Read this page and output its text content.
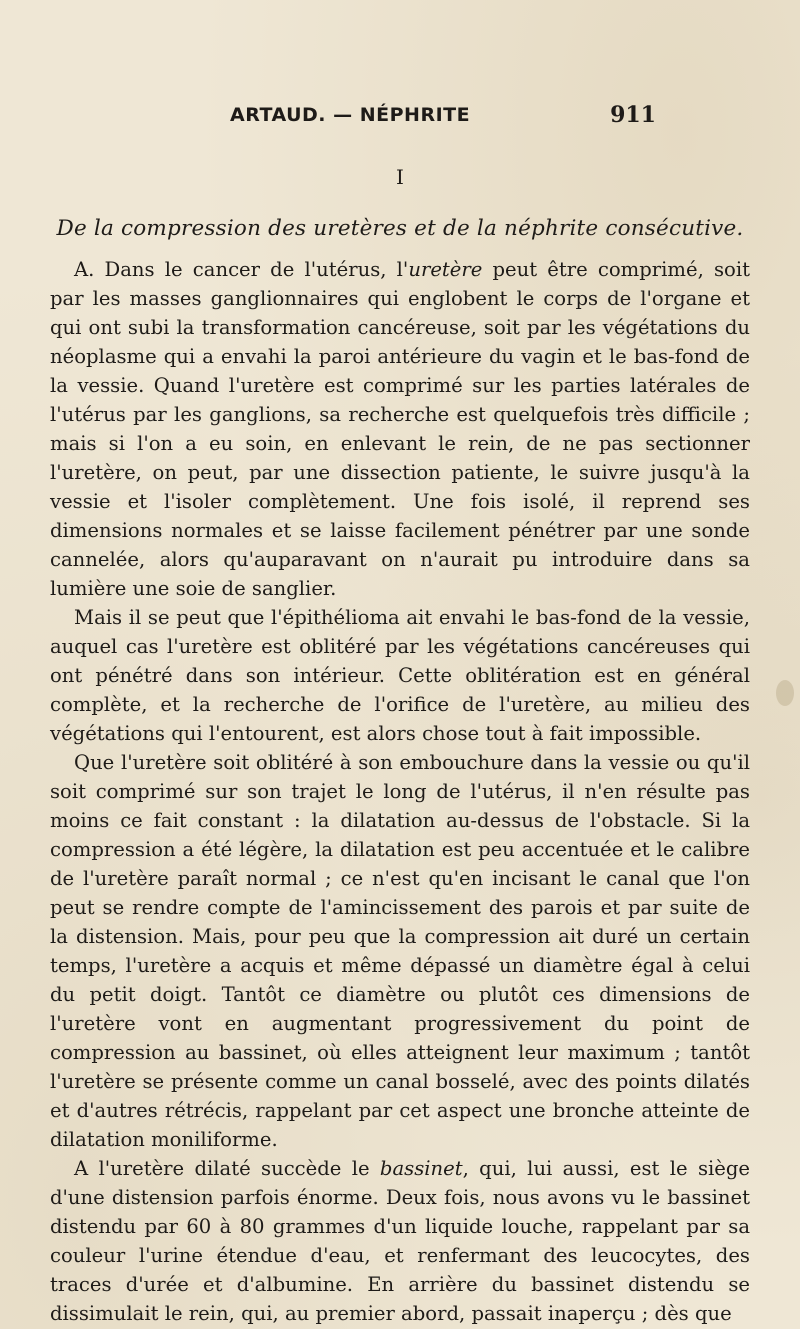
ARTAUD. — NÉPHRITE	911
I
De la compression des uretères et de la néphrite consécutive.

A. Dans le cancer de l'utérus, l'uretère peut être comprimé, soit par les masses ganglionnaires qui englobent le corps de l'organe et qui ont subi la transformation cancéreuse, soit par les végétations du néoplasme qui a envahi la paroi antérieure du vagin et le bas-fond de la vessie. Quand l'uretère est comprimé sur les parties latérales de l'utérus par les ganglions, sa recherche est quelquefois très difficile ; mais si l'on a eu soin, en enlevant le rein, de ne pas sectionner l'uretère, on peut, par une dissection patiente, le suivre jusqu'à la vessie et l'isoler complètement. Une fois isolé, il reprend ses dimensions normales et se laisse facilement pénétrer par une sonde cannelée, alors qu'auparavant on n'aurait pu introduire dans sa lumière une soie de sanglier.

Mais il se peut que l'épithélioma ait envahi le bas-fond de la vessie, auquel cas l'uretère est oblitéré par les végétations cancéreuses qui ont pénétré dans son intérieur. Cette oblitération est en général complète, et la recherche de l'orifice de l'uretère, au milieu des végétations qui l'entourent, est alors chose tout à fait impossible.

Que l'uretère soit oblitéré à son embouchure dans la vessie ou qu'il soit comprimé sur son trajet le long de l'utérus, il n'en résulte pas moins ce fait constant : la dilatation au-dessus de l'obstacle. Si la compression a été légère, la dilatation est peu accentuée et le calibre de l'uretère paraît normal ; ce n'est qu'en incisant le canal que l'on peut se rendre compte de l'amincissement des parois et par suite de la distension. Mais, pour peu que la compression ait duré un certain temps, l'uretère a acquis et même dépassé un diamètre égal à celui du petit doigt. Tantôt ce diamètre ou plutôt ces dimensions de l'uretère vont en augmentant progressivement du point de compression au bassinet, où elles atteignent leur maximum ; tantôt l'uretère se présente comme un canal bosselé, avec des points dilatés et d'autres rétrécis, rappelant par cet aspect une bronche atteinte de dilatation moniliforme.

A l'uretère dilaté succède le bassinet, qui, lui aussi, est le siège d'une distension parfois énorme. Deux fois, nous avons vu le bassinet distendu par 60 à 80 grammes d'un liquide louche, rappelant par sa couleur l'urine étendue d'eau, et renfermant des leucocytes, des traces d'urée et d'albumine. En arrière du bassinet distendu se dissimulait le rein, qui, au premier abord, passait inaperçu ; dès que
